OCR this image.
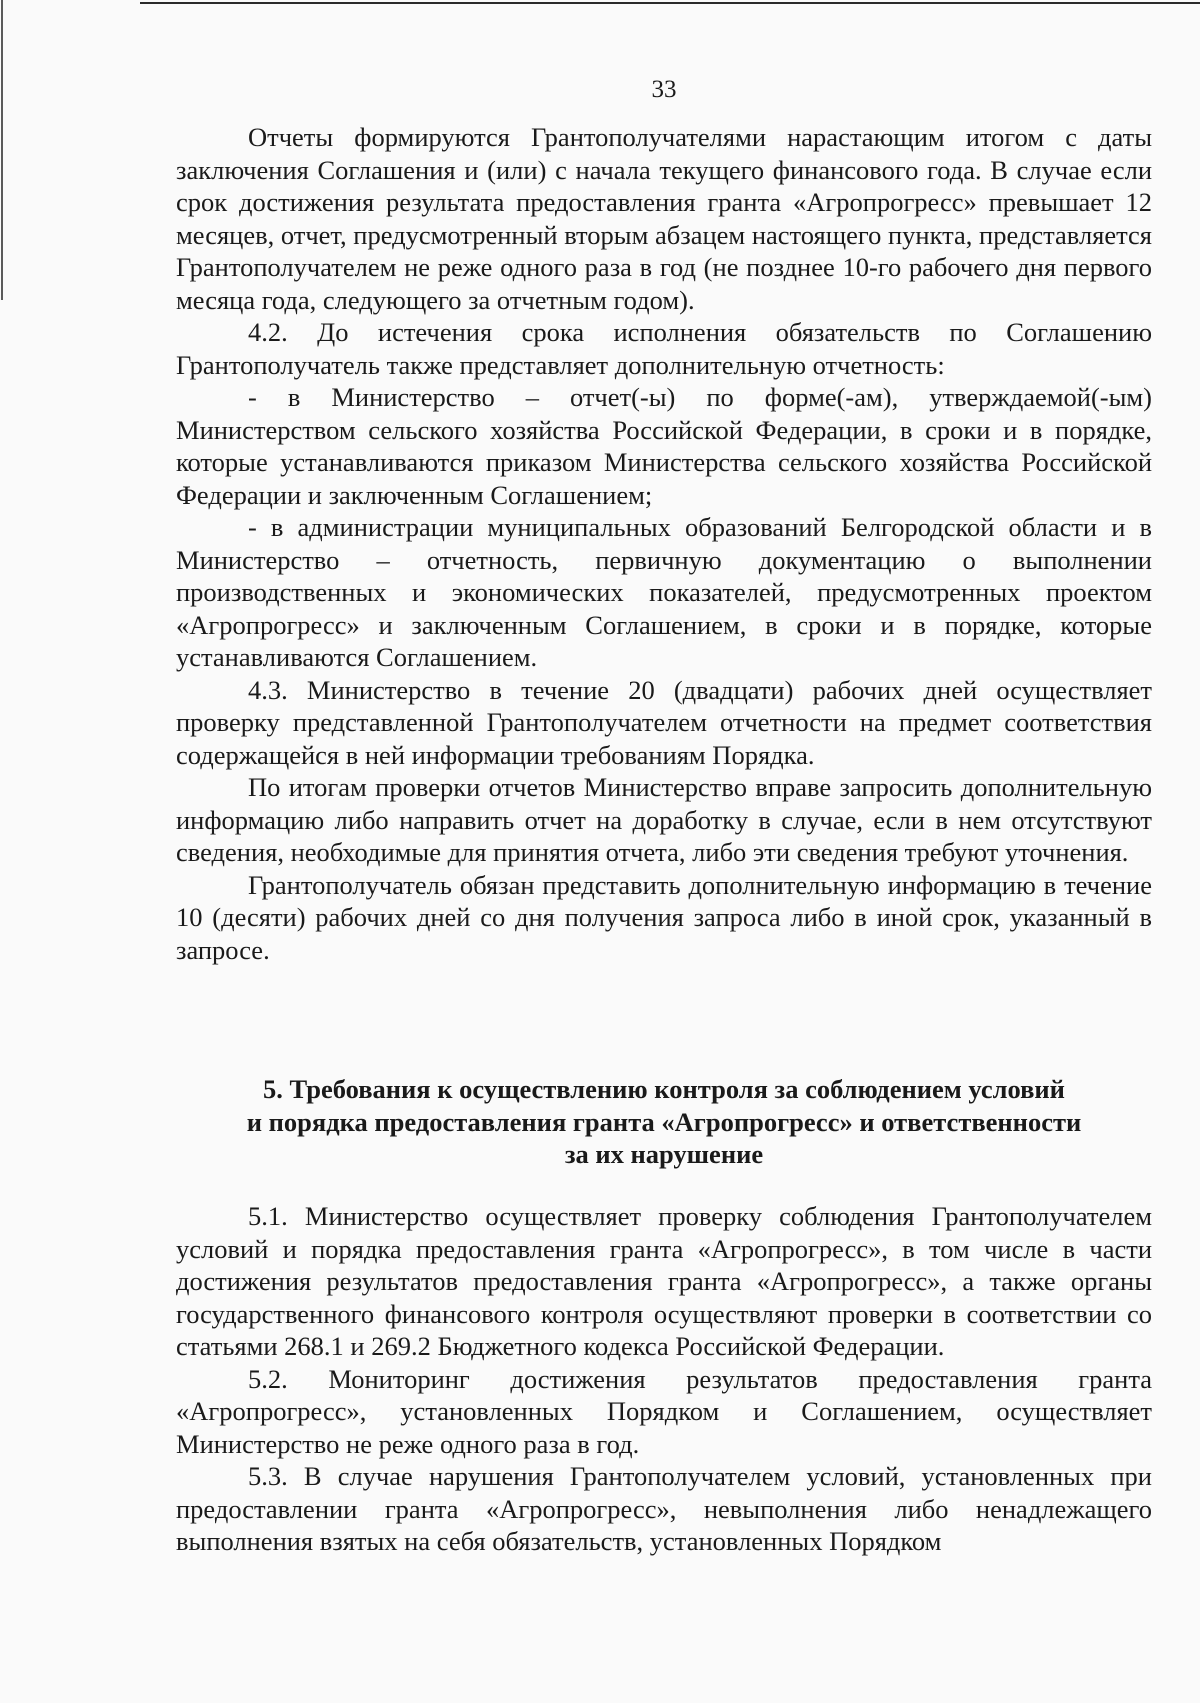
33

Отчеты формируются Грантополучателями нарастающим итогом с даты заключения Соглашения и (или) с начала текущего финансового года. В случае если срок достижения результата предоставления гранта «Агропрогресс» превышает 12 месяцев, отчет, предусмотренный вторым абзацем настоящего пункта, представляется Грантополучателем не реже одного раза в год (не позднее 10-го рабочего дня первого месяца года, следующего за отчетным годом).

4.2. До истечения срока исполнения обязательств по Соглашению Грантополучатель также представляет дополнительную отчетность:

- в Министерство – отчет(-ы) по форме(-ам), утверждаемой(-ым) Министерством сельского хозяйства Российской Федерации, в сроки и в порядке, которые устанавливаются приказом Министерства сельского хозяйства Российской Федерации и заключенным Соглашением;

- в администрации муниципальных образований Белгородской области и в Министерство – отчетность, первичную документацию о выполнении производственных и экономических показателей, предусмотренных проектом «Агропрогресс» и заключенным Соглашением, в сроки и в порядке, которые устанавливаются Соглашением.

4.3. Министерство в течение 20 (двадцати) рабочих дней осуществляет проверку представленной Грантополучателем отчетности на предмет соответствия содержащейся в ней информации требованиям Порядка.

По итогам проверки отчетов Министерство вправе запросить дополнительную информацию либо направить отчет на доработку в случае, если в нем отсутствуют сведения, необходимые для принятия отчета, либо эти сведения требуют уточнения.

Грантополучатель обязан представить дополнительную информацию в течение 10 (десяти) рабочих дней со дня получения запроса либо в иной срок, указанный в запросе.

5. Требования к осуществлению контроля за соблюдением условий
и порядка предоставления гранта «Агропрогресс» и ответственности
за их нарушение

5.1. Министерство осуществляет проверку соблюдения Грантополучателем условий и порядка предоставления гранта «Агропрогресс», в том числе в части достижения результатов предоставления гранта «Агропрогресс», а также органы государственного финансового контроля осуществляют проверки в соответствии со статьями 268.1 и 269.2 Бюджетного кодекса Российской Федерации.

5.2. Мониторинг достижения результатов предоставления гранта «Агропрогресс», установленных Порядком и Соглашением, осуществляет Министерство не реже одного раза в год.

5.3. В случае нарушения Грантополучателем условий, установленных при предоставлении гранта «Агропрогресс», невыполнения либо ненадлежащего выполнения взятых на себя обязательств, установленных Порядком
